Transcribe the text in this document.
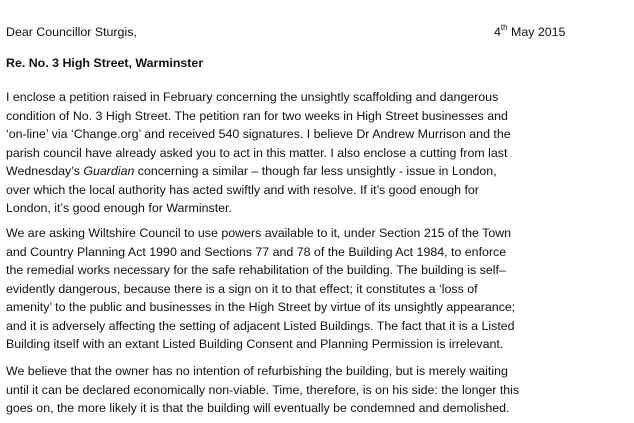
Dear Councillor Sturgis,	4th May 2015
Re. No. 3 High Street, Warminster
I enclose a petition raised in February concerning the unsightly scaffolding and dangerous
condition of No. 3 High Street. The petition ran for two weeks in High Street businesses and
‘on-line’ via ‘Change.org’ and received 540 signatures. I believe Dr Andrew Murrison and the
parish council have already asked you to act in this matter. I also enclose a cutting from last
Wednesday’s Guardian concerning a similar – though far less unsightly - issue in London,
over which the local authority has acted swiftly and with resolve. If it’s good enough for
London, it’s good enough for Warminster.
We are asking Wiltshire Council to use powers available to it, under Section 215 of the Town
and Country Planning Act 1990 and Sections 77 and 78 of the Building Act 1984, to enforce
the remedial works necessary for the safe rehabilitation of the building. The building is self–
evidently dangerous, because there is a sign on it to that effect; it constitutes a ‘loss of
amenity’ to the public and businesses in the High Street by virtue of its unsightly appearance;
and it is adversely affecting the setting of adjacent Listed Buildings. The fact that it is a Listed
Building itself with an extant Listed Building Consent and Planning Permission is irrelevant.
We believe that the owner has no intention of refurbishing the building, but is merely waiting
until it can be declared economically non-viable. Time, therefore, is on his side: the longer this
goes on, the more likely it is that the building will eventually be condemned and demolished.
